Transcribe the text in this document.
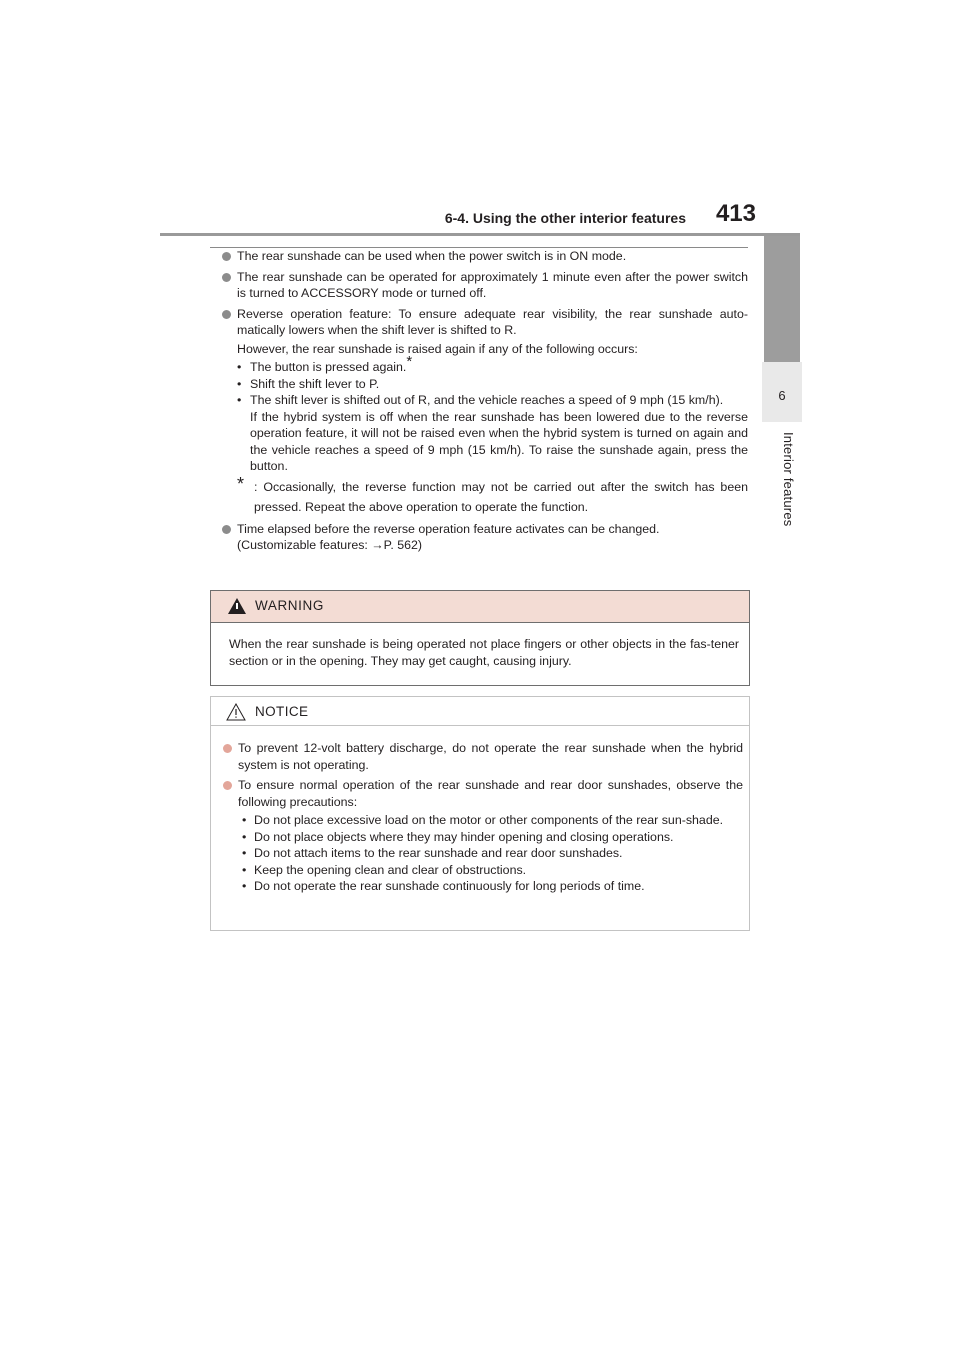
6-4. Using the other interior features 413
6
Interior features
The rear sunshade can be used when the power switch is in ON mode.
The rear sunshade can be operated for approximately 1 minute even after the power switch is turned to ACCESSORY mode or turned off.
Reverse operation feature: To ensure adequate rear visibility, the rear sunshade auto-matically lowers when the shift lever is shifted to R.
However, the rear sunshade is raised again if any of the following occurs:
• The button is pressed again.*
• Shift the shift lever to P.
• The shift lever is shifted out of R, and the vehicle reaches a speed of 9 mph (15 km/h).
If the hybrid system is off when the rear sunshade has been lowered due to the reverse operation feature, it will not be raised even when the hybrid system is turned on again and the vehicle reaches a speed of 9 mph (15 km/h). To raise the sunshade again, press the button.
* : Occasionally, the reverse function may not be carried out after the switch has been pressed. Repeat the above operation to operate the function.
Time elapsed before the reverse operation feature activates can be changed.
(Customizable features: →P. 562)
WARNING
When the rear sunshade is being operated not place fingers or other objects in the fas-tener section or in the opening. They may get caught, causing injury.
NOTICE
To prevent 12-volt battery discharge, do not operate the rear sunshade when the hybrid system is not operating.
To ensure normal operation of the rear sunshade and rear door sunshades, observe the following precautions:
• Do not place excessive load on the motor or other components of the rear sun-shade.
• Do not place objects where they may hinder opening and closing operations.
• Do not attach items to the rear sunshade and rear door sunshades.
• Keep the opening clean and clear of obstructions.
• Do not operate the rear sunshade continuously for long periods of time.
